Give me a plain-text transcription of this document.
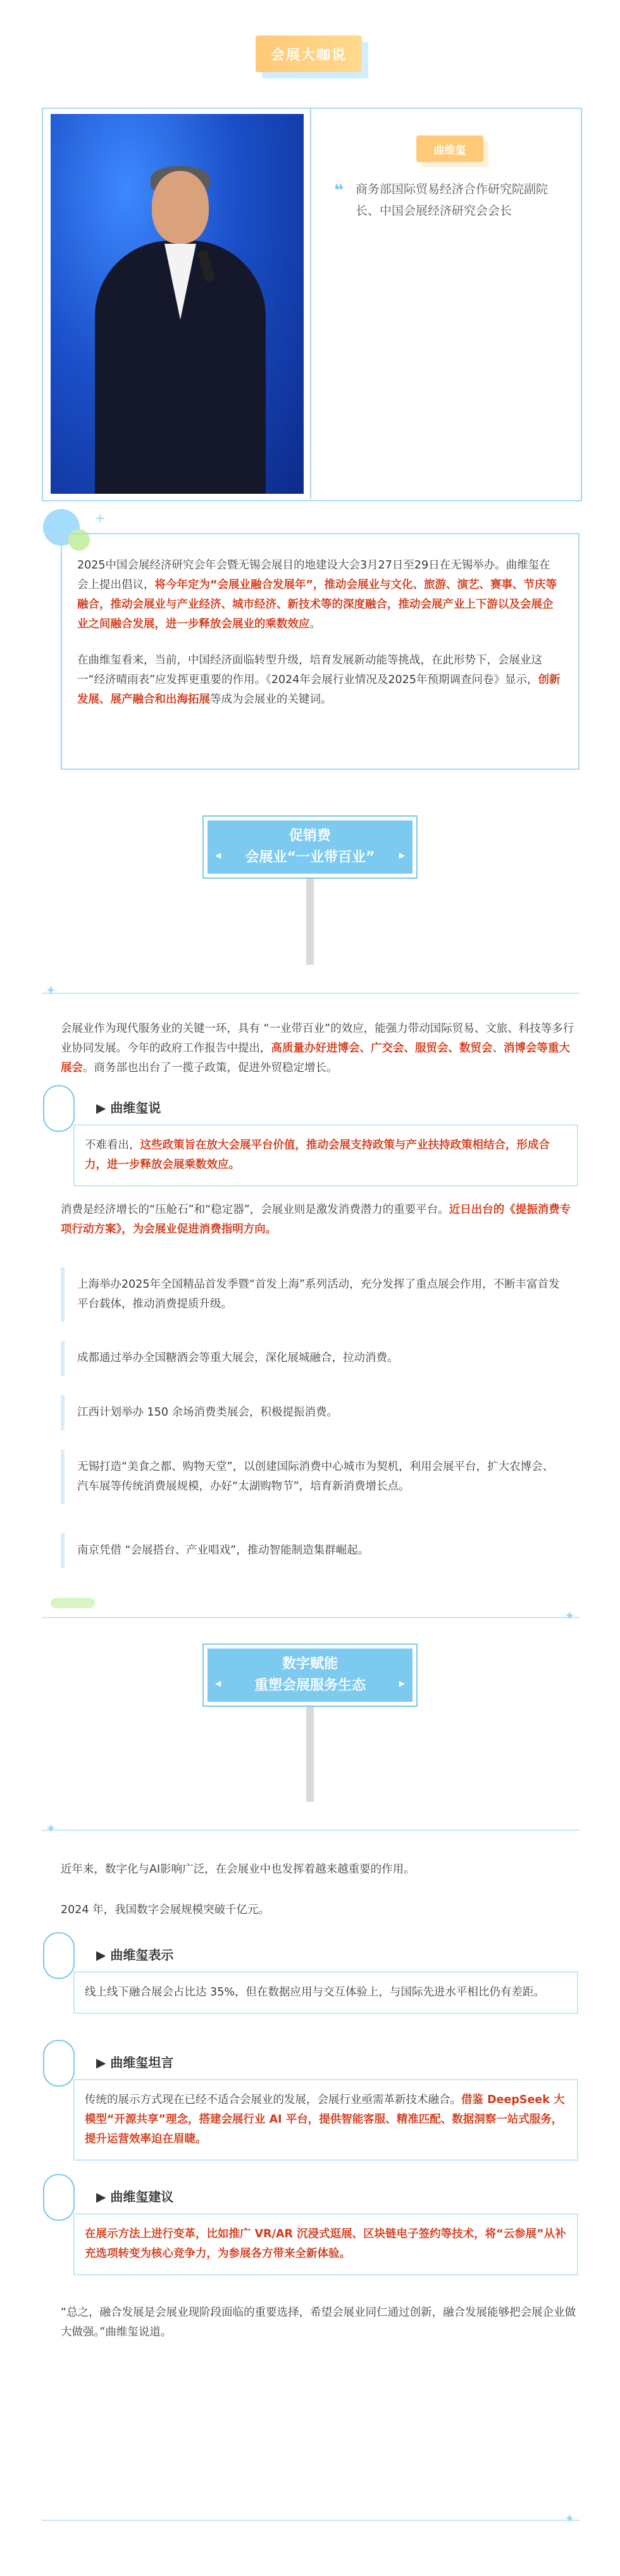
会展大咖说
曲维玺
❝ 商务部国际贸易经济合作研究院副院长、中国会展经济研究会会长
+

2025中国会展经济研究会年会暨无锡会展目的地建设大会3月27日至29日在无锡举办。曲维玺在会上提出倡议，将今年定为“会展业融合发展年”，推动会展业与文化、旅游、演艺、赛事、节庆等融合，推动会展业与产业经济、城市经济、新技术等的深度融合，推动会展产业上下游以及会展企业之间融合发展，进一步释放会展业的乘数效应。

在曲维玺看来，当前，中国经济面临转型升级，培育发展新动能等挑战，在此形势下，会展业这一“经济晴雨表”应发挥更重要的作用。《2024年会展行业情况及2025年预期调查问卷》显示，创新发展、展产融合和出海拓展等成为会展业的关键词。

◀
促销费
会展业“一业带百业”	▶
✦
会展业作为现代服务业的关键一环，具有 “一业带百业”的效应，能强力带动国际贸易、文旅、科技等多行业协同发展。今年的政府工作报告中提出，高质量办好进博会、广交会、服贸会、数贸会、消博会等重大展会。商务部也出台了一揽子政策，促进外贸稳定增长。
▶ 曲维玺说
不难看出，这些政策旨在放大会展平台价值，推动会展支持政策与产业扶持政策相结合，形成合力，进一步释放会展乘数效应。
消费是经济增长的“压舱石”和“稳定器”，会展业则是激发消费潜力的重要平台。近日出台的《提振消费专项行动方案》，为会展业促进消费指明方向。
上海举办2025年全国精品首发季暨“首发上海”系列活动，充分发挥了重点展会作用，不断丰富首发平台载体，推动消费提质升级。
成都通过举办全国糖酒会等重大展会，深化展城融合，拉动消费。
江西计划举办 150 余场消费类展会，积极提振消费。
无锡打造“美食之都、购物天堂”，以创建国际消费中心城市为契机，利用会展平台，扩大农博会、汽车展等传统消费展规模，办好“太湖购物节”，培育新消费增长点。
南京凭借 “会展搭台、产业唱戏”，推动智能制造集群崛起。
✦
◀
数字赋能
重塑会展服务生态	▶
✦
近年来，数字化与AI影响广泛，在会展业中也发挥着越来越重要的作用。
2024 年，我国数字会展规模突破千亿元。
▶ 曲维玺表示
线上线下融合展会占比达 35%，但在数据应用与交互体验上，与国际先进水平相比仍有差距。
▶ 曲维玺坦言
传统的展示方式现在已经不适合会展业的发展，会展行业亟需革新技术融合。借鉴 DeepSeek 大模型“开源共享”理念，搭建会展行业 AI 平台，提供智能客服、精准匹配、数据洞察一站式服务，提升运营效率迫在眉睫。
▶ 曲维玺建议
在展示方法上进行变革，比如推广 VR/AR 沉浸式逛展、区块链电子签约等技术，将“云参展”从补充选项转变为核心竞争力，为参展各方带来全新体验。
“总之，融合发展是会展业现阶段面临的重要选择，希望会展业同仁通过创新，融合发展能够把会展企业做大做强。”曲维玺说道。
✦
